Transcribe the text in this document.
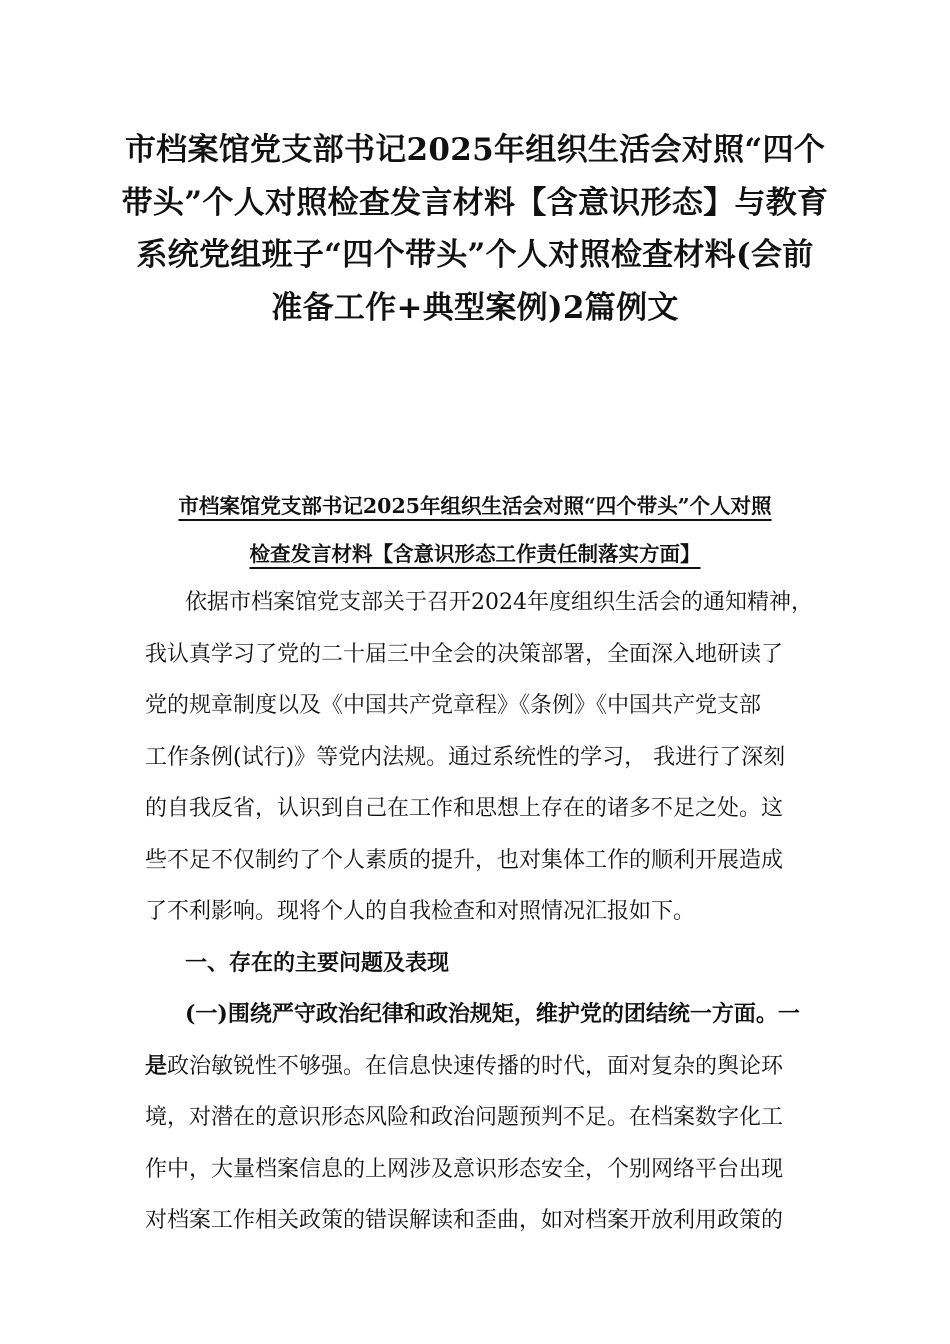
市档案馆党支部书记2025年组织生活会对照“四个
带头”个人对照检查发言材料【含意识形态】与教育
系统党组班子“四个带头”个人对照检查材料(会前
准备工作+典型案例)2篇例文
市档案馆党支部书记2025年组织生活会对照“四个带头”个人对照
检查发言材料【含意识形态工作责任制落实方面】
依据市档案馆党支部关于召开2024年度组织生活会的通知精神，
我认真学习了党的二十届三中全会的决策部署，全面深入地研读了
党的规章制度以及《中国共产党章程》《条例》《中国共产党支部
工作条例(试行)》等党内法规。通过系统性的学习， 我进行了深刻
的自我反省，认识到自己在工作和思想上存在的诸多不足之处。这
些不足不仅制约了个人素质的提升，也对集体工作的顺利开展造成
了不利影响。现将个人的自我检查和对照情况汇报如下。
一、存在的主要问题及表现
(一)围绕严守政治纪律和政治规矩，维护党的团结统一方面。一
是政治敏锐性不够强。在信息快速传播的时代，面对复杂的舆论环
境，对潜在的意识形态风险和政治问题预判不足。在档案数字化工
作中，大量档案信息的上网涉及意识形态安全，个别网络平台出现
对档案工作相关政策的错误解读和歪曲，如对档案开放利用政策的
